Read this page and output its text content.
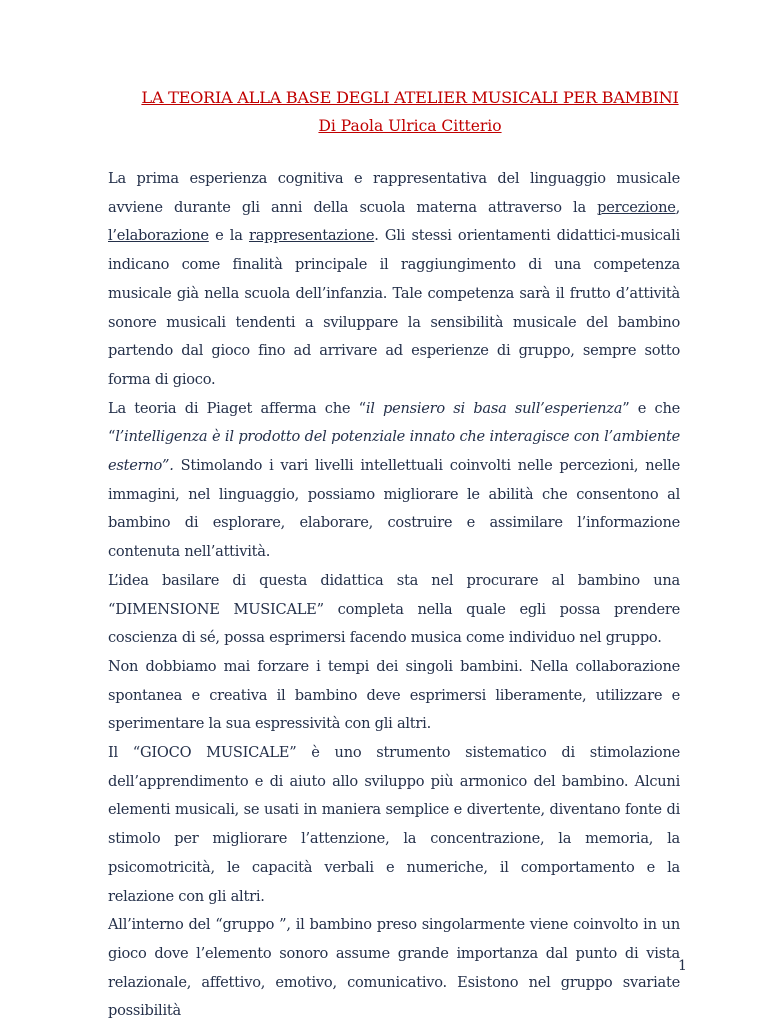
LA TEORIA ALLA BASE DEGLI ATELIER MUSICALI PER BAMBINI

Di Paola Ulrica Citterio

La prima esperienza cognitiva e rappresentativa del linguaggio musicale avviene durante gli anni della scuola materna attraverso la percezione, l’elaborazione e la rappresentazione. Gli stessi orientamenti didattici-musicali indicano come finalità principale il raggiungimento di una competenza musicale già nella scuola dell’infanzia. Tale competenza sarà il frutto d’attività sonore musicali tendenti a sviluppare la sensibilità musicale del bambino partendo dal gioco fino ad arrivare ad esperienze di gruppo, sempre sotto forma di gioco.

La teoria di Piaget afferma che “il pensiero si basa sull’esperienza” e che “l’intelligenza è il prodotto del potenziale innato che interagisce con l’ambiente esterno”. Stimolando i vari livelli intellettuali coinvolti nelle percezioni, nelle immagini, nel linguaggio, possiamo migliorare le abilità che consentono al bambino di esplorare, elaborare, costruire e assimilare l’informazione contenuta nell’attività.

L’idea basilare di questa didattica sta nel procurare al bambino una “DIMENSIONE MUSICALE” completa nella quale egli possa prendere coscienza di sé, possa esprimersi facendo musica come individuo nel gruppo.

Non dobbiamo mai forzare i tempi dei singoli bambini. Nella collaborazione spontanea e creativa il bambino deve esprimersi liberamente, utilizzare e sperimentare la sua espressività con gli altri.

Il “GIOCO MUSICALE” è uno strumento sistematico di stimolazione dell’apprendimento e di aiuto allo sviluppo più armonico del bambino. Alcuni elementi musicali, se usati in maniera semplice e divertente, diventano fonte di stimolo per migliorare l’attenzione, la concentrazione, la memoria, la psicomotricità, le capacità verbali e numeriche, il comportamento e la relazione con gli altri.

All’interno del “gruppo ”, il bambino preso singolarmente viene coinvolto in un gioco dove l’elemento sonoro assume grande importanza dal punto di vista relazionale, affettivo, emotivo, comunicativo. Esistono nel gruppo svariate possibilità

1
